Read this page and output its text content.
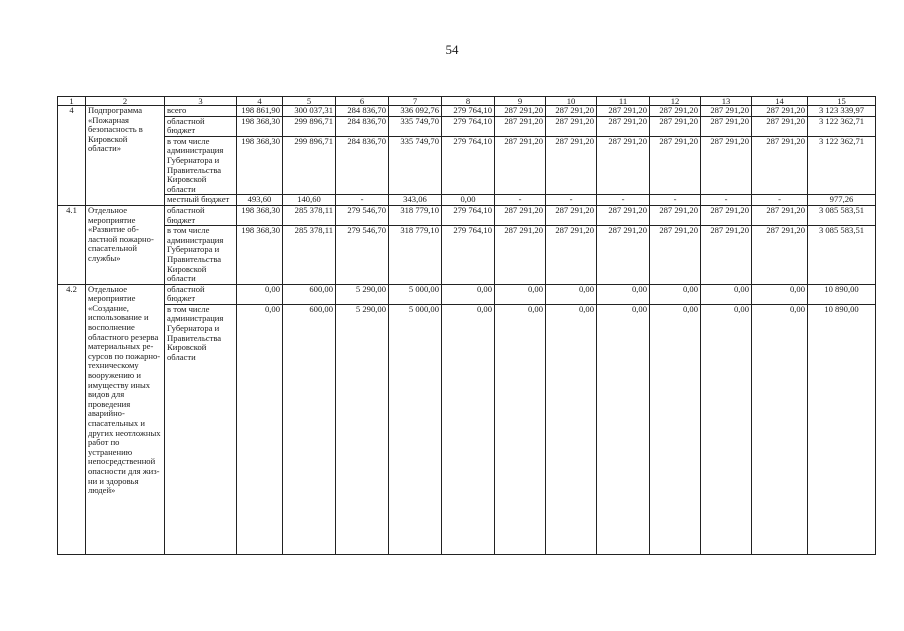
54
1	2	3	4	5	6	7	8	9	10	11	12	13	14	15
4	Подпрограмма «Пожарная безопасность в Кировской области»	всего	198 861,90	300 037,31	284 836,70	336 092,76	279 764,10	287 291,20	287 291,20	287 291,20	287 291,20	287 291,20	287 291,20	3 123 339,97
		областной бюджет	198 368,30	299 896,71	284 836,70	335 749,70	279 764,10	287 291,20	287 291,20	287 291,20	287 291,20	287 291,20	287 291,20	3 122 362,71
		в том числе администрация Губернатора и Правительства Кировской области	198 368,30	299 896,71	284 836,70	335 749,70	279 764,10	287 291,20	287 291,20	287 291,20	287 291,20	287 291,20	287 291,20	3 122 362,71
		местный бюджет	493,60	140,60	-	343,06	0,00	-	-	-	-	-	-	977,26
4.1	Отдельное мероприятие «Развитие областной пожарно-спасательной службы»	областной бюджет	198 368,30	285 378,11	279 546,70	318 779,10	279 764,10	287 291,20	287 291,20	287 291,20	287 291,20	287 291,20	287 291,20	3 085 583,51
		в том числе администрация Губернатора и Правительства Кировской области	198 368,30	285 378,11	279 546,70	318 779,10	279 764,10	287 291,20	287 291,20	287 291,20	287 291,20	287 291,20	287 291,20	3 085 583,51
4.2	Отдельное мероприятие «Создание, использование и восполнение областного резерва материальных ресурсов по пожарно-техническому вооружению и имуществу иных видов для проведения аварийно-спасательных и других неотложных работ по устранению непосредственной опасности для жизни и здоровья людей»	областной бюджет	0,00	600,00	5 290,00	5 000,00	0,00	0,00	0,00	0,00	0,00	0,00	0,00	10 890,00
		в том числе администрация Губернатора и Правительства Кировской области	0,00	600,00	5 290,00	5 000,00	0,00	0,00	0,00	0,00	0,00	0,00	0,00	10 890,00
